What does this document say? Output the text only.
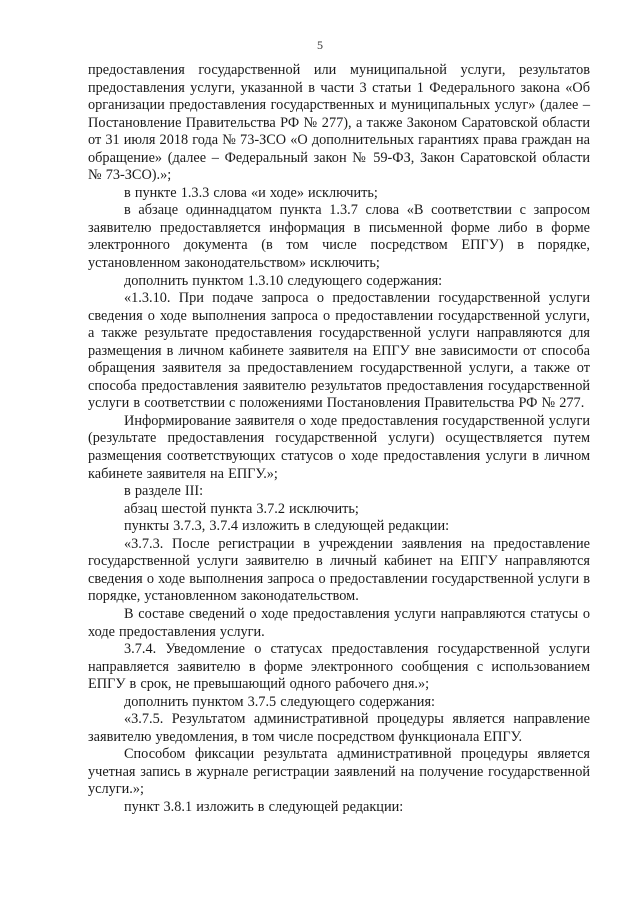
5

предоставления государственной или муниципальной услуги, результатов предоставления услуги, указанной в части 3 статьи 1 Федерального закона «Об организации предоставления государственных и муниципальных услуг» (далее – Постановление Правительства РФ № 277), а также Законом Саратовской области от 31 июля 2018 года № 73-ЗСО «О дополнительных гарантиях права граждан на обращение» (далее – Федеральный закон № 59-ФЗ, Закон Саратовской области № 73-ЗСО).»;

в пункте 1.3.3 слова «и ходе» исключить;

в абзаце одиннадцатом пункта 1.3.7 слова «В соответствии с запросом заявителю предоставляется информация в письменной форме либо в форме электронного документа (в том числе посредством ЕПГУ) в порядке, установленном законодательством» исключить;

дополнить пунктом 1.3.10 следующего содержания:

«1.3.10. При подаче запроса о предоставлении государственной услуги сведения о ходе выполнения запроса о предоставлении государственной услуги, а также результате предоставления государственной услуги направляются для размещения в личном кабинете заявителя на ЕПГУ вне зависимости от способа обращения заявителя за предоставлением государственной услуги, а также от способа предоставления заявителю результатов предоставления государственной услуги в соответствии с положениями Постановления Правительства РФ № 277.

Информирование заявителя о ходе предоставления государственной услуги (результате предоставления государственной услуги) осуществляется путем размещения соответствующих статусов о ходе предоставления услуги в личном кабинете заявителя на ЕПГУ.»;

в разделе III:

абзац шестой пункта 3.7.2 исключить;

пункты 3.7.3, 3.7.4 изложить в следующей редакции:

«3.7.3. После регистрации в учреждении заявления на предоставление государственной услуги заявителю в личный кабинет на ЕПГУ направляются сведения о ходе выполнения запроса о предоставлении государственной услуги в порядке, установленном законодательством.

В составе сведений о ходе предоставления услуги направляются статусы о ходе предоставления услуги.

3.7.4. Уведомление о статусах предоставления государственной услуги направляется заявителю в форме электронного сообщения с использованием ЕПГУ в срок, не превышающий одного рабочего дня.»;

дополнить пунктом 3.7.5 следующего содержания:

«3.7.5. Результатом административной процедуры является направление заявителю уведомления, в том числе посредством функционала ЕПГУ.

Способом фиксации результата административной процедуры является учетная запись в журнале регистрации заявлений на получение государственной услуги.»;

пункт 3.8.1 изложить в следующей редакции:
